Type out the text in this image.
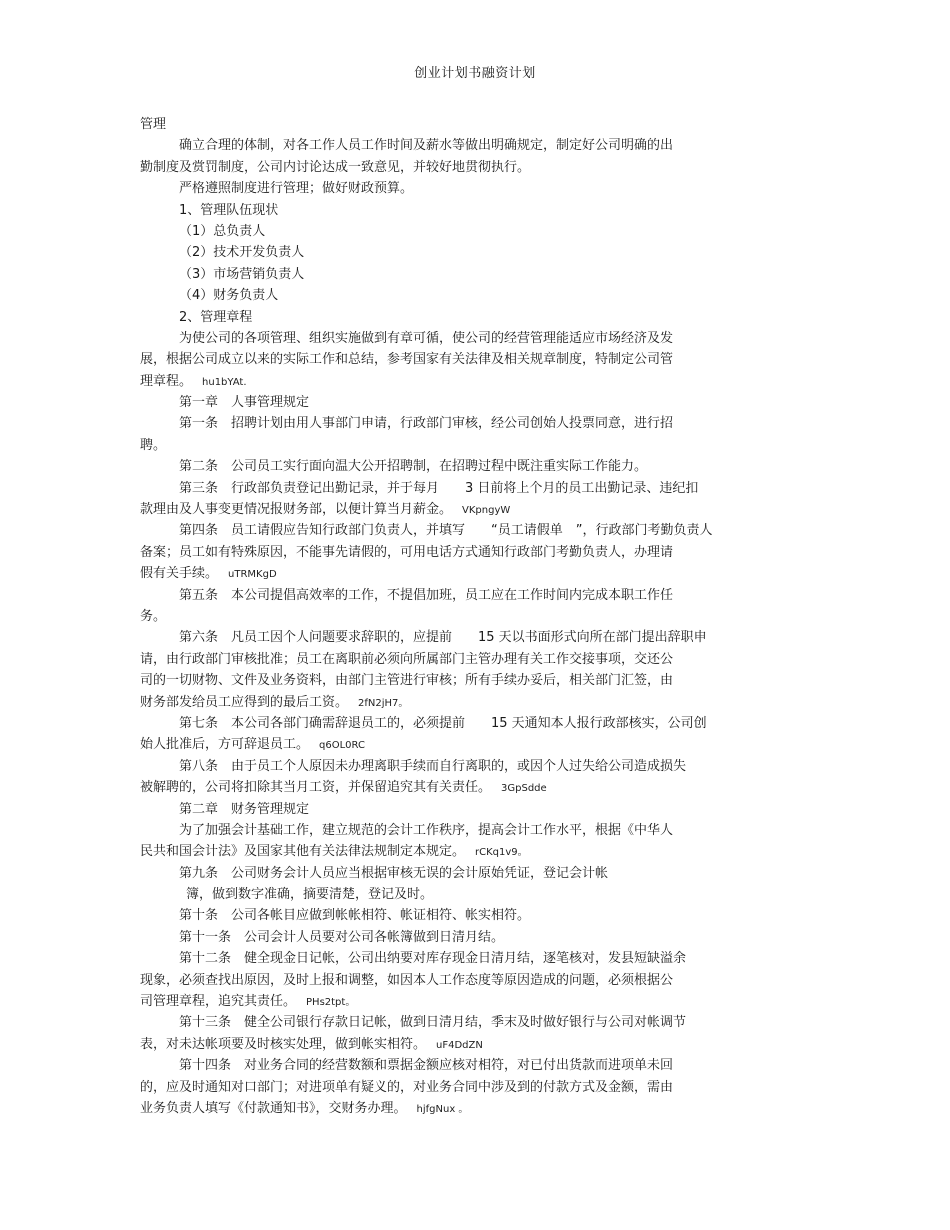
创业计划书融资计划
管理
确立合理的体制，对各工作人员工作时间及薪水等做出明确规定，制定好公司明确的出
勤制度及赏罚制度，公司内讨论达成一致意见，并较好地贯彻执行。
严格遵照制度进行管理；做好财政预算。
1、管理队伍现状
（1）总负责人
（2）技术开发负责人
（3）市场营销负责人
（4）财务负责人
2、管理章程
为使公司的各项管理、组织实施做到有章可循，使公司的经营管理能适应市场经济及发
展，根据公司成立以来的实际工作和总结，参考国家有关法律及相关规章制度，特制定公司管
理章程。 hu1bYAt.
第一章　人事管理规定
第一条　招聘计划由用人事部门申请，行政部门审核，经公司创始人投票同意，进行招
聘。
第二条　公司员工实行面向温大公开招聘制，在招聘过程中既注重实际工作能力。
第三条　行政部负责登记出勤记录，并于每月　　3 日前将上个月的员工出勤记录、违纪扣
款理由及人事变更情况报财务部，以便计算当月薪金。 VKpngyW
第四条　员工请假应告知行政部门负责人，并填写　　“员工请假单　”，行政部门考勤负责人
备案；员工如有特殊原因，不能事先请假的，可用电话方式通知行政部门考勤负责人，办理请
假有关手续。 uTRMKgD
第五条　本公司提倡高效率的工作，不提倡加班，员工应在工作时间内完成本职工作任
务。
第六条　凡员工因个人问题要求辞职的，应提前　　15 天以书面形式向所在部门提出辞职申
请，由行政部门审核批准；员工在离职前必须向所属部门主管办理有关工作交接事项，交还公
司的一切财物、文件及业务资料，由部门主管进行审核；所有手续办妥后，相关部门汇签，由
财务部发给员工应得到的最后工资。 2fN2jH7。
第七条　本公司各部门确需辞退员工的，必须提前　　15 天通知本人报行政部核实，公司创
始人批准后，方可辞退员工。 q6OL0RC
第八条　由于员工个人原因未办理离职手续而自行离职的，或因个人过失给公司造成损失
被解聘的，公司将扣除其当月工资，并保留追究其有关责任。 3GpSdde
第二章　财务管理规定
为了加强会计基础工作，建立规范的会计工作秩序，提高会计工作水平，根据《中华人
民共和国会计法》及国家其他有关法律法规制定本规定。 rCKq1v9。
第九条　公司财务会计人员应当根据审核无误的会计原始凭证，登记会计帐
簿，做到数字准确，摘要清楚，登记及时。
第十条　公司各帐目应做到帐帐相符、帐证相符、帐实相符。
第十一条　公司会计人员要对公司各帐簿做到日清月结。
第十二条　健全现金日记帐，公司出纳要对库存现金日清月结，逐笔核对，发县短缺溢余
现象，必须查找出原因，及时上报和调整，如因本人工作态度等原因造成的问题，必须根据公
司管理章程，追究其责任。 PHs2tpt。
第十三条　健全公司银行存款日记帐，做到日清月结，季末及时做好银行与公司对帐调节
表，对未达帐项要及时核实处理，做到帐实相符。 uF4DdZN
第十四条　对业务合同的经营数额和票据金额应核对相符，对已付出货款而进项单未回
的，应及时通知对口部门；对进项单有疑义的，对业务合同中涉及到的付款方式及金额，需由
业务负责人填写《付款通知书》，交财务办理。 hjfgNux 。
